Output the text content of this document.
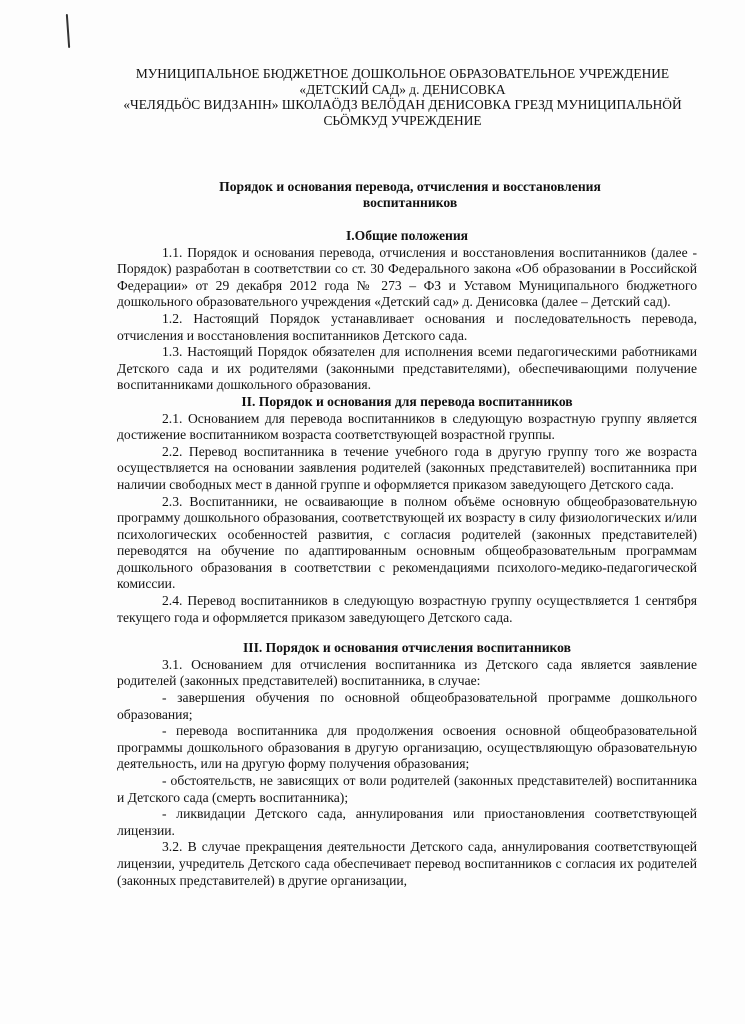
МУНИЦИПАЛЬНОЕ БЮДЖЕТНОЕ ДОШКОЛЬНОЕ ОБРАЗОВАТЕЛЬНОЕ УЧРЕЖДЕНИЕ
«ДЕТСКИЙ САД» д. ДЕНИСОВКА
«ЧЕЛЯДЬÖС ВИДЗАНIН» ШКОЛАÖДЗ ВЕЛÖДАН ДЕНИСОВКА ГРЕЗД МУНИЦИПАЛЬНÖЙ
СЬÖМКУД УЧРЕЖДЕНИЕ
Порядок и основания перевода, отчисления и восстановления
воспитанников

I.Общие положения

1.1. Порядок и основания перевода, отчисления и восстановления воспитанников (далее - Порядок) разработан в соответствии со ст. 30 Федерального закона «Об образовании в Российской Федерации» от 29 декабря 2012 года № 273 – ФЗ и Уставом Муниципального бюджетного дошкольного образовательного учреждения «Детский сад» д. Денисовка (далее – Детский сад).

1.2. Настоящий Порядок устанавливает основания и последовательность перевода, отчисления и восстановления воспитанников Детского сада.

1.3. Настоящий Порядок обязателен для исполнения всеми педагогическими работниками Детского сада и их родителями (законными представителями), обеспечивающими получение воспитанниками дошкольного образования.

II. Порядок и основания для перевода воспитанников

2.1. Основанием для перевода воспитанников в следующую возрастную группу является достижение воспитанником возраста соответствующей возрастной группы.

2.2. Перевод воспитанника в течение учебного года в другую группу того же возраста осуществляется на основании заявления родителей (законных представителей) воспитанника при наличии свободных мест в данной группе и оформляется приказом заведующего Детского сада.

2.3. Воспитанники, не осваивающие в полном объёме основную общеобразовательную программу дошкольного образования, соответствующей их возрасту в силу физиологических и/или психологических особенностей развития, с согласия родителей (законных представителей) переводятся на обучение по адаптированным основным общеобразовательным программам дошкольного образования в соответствии с рекомендациями психолого-медико-педагогической комиссии.

2.4. Перевод воспитанников в следующую возрастную группу осуществляется 1 сентября текущего года и оформляется приказом заведующего Детского сада.

III. Порядок и основания отчисления воспитанников

3.1. Основанием для отчисления воспитанника из Детского сада является заявление родителей (законных представителей) воспитанника, в случае:

- завершения обучения по основной общеобразовательной программе дошкольного образования;

- перевода воспитанника для продолжения освоения основной общеобразовательной программы дошкольного образования в другую организацию, осуществляющую образовательную деятельность, или на другую форму получения образования;

- обстоятельств, не зависящих от воли родителей (законных представителей) воспитанника и Детского сада (смерть воспитанника);

- ликвидации Детского сада, аннулирования или приостановления соответствующей лицензии.

3.2. В случае прекращения деятельности Детского сада, аннулирования соответствующей лицензии, учредитель Детского сада обеспечивает перевод воспитанников с согласия их родителей (законных представителей) в другие организации,
